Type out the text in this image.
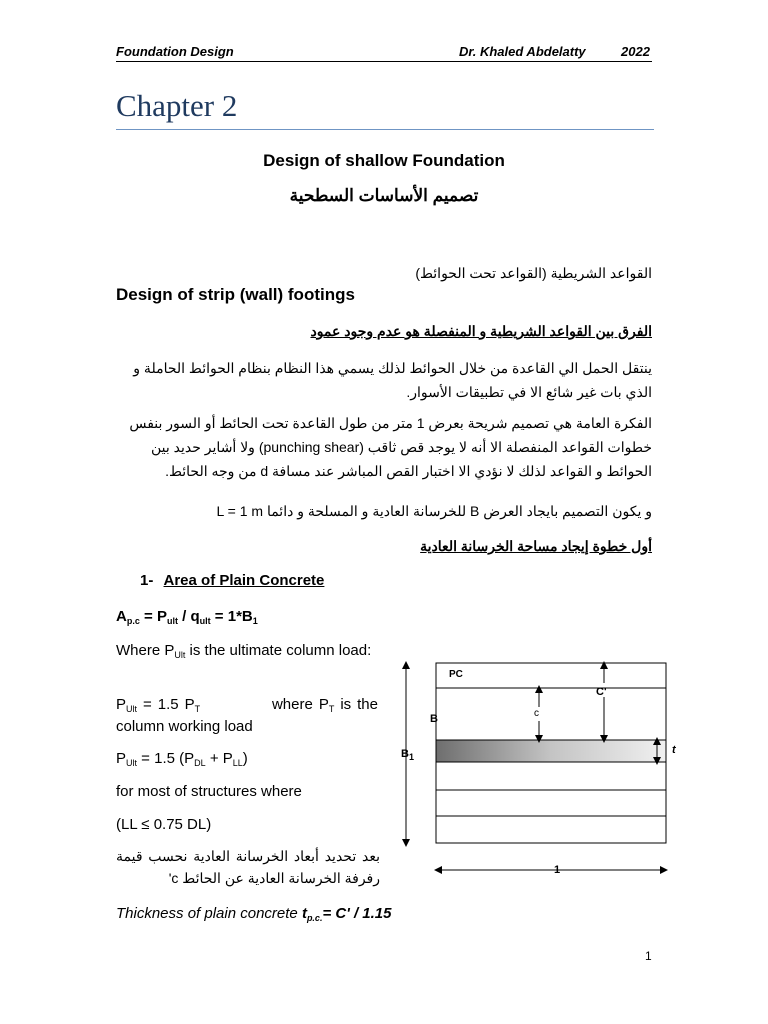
Foundation Design	Dr. Khaled Abdelatty	2022
Chapter 2
Design of shallow Foundation
تصميم الأساسات السطحية
القواعد الشريطية (القواعد تحت الحوائط)
Design of strip (wall) footings
الفرق بين القواعد الشريطية و المنفصلة هو عدم وجود عمود
ينتقل الحمل الي القاعدة من خلال الحوائط لذلك يسمي هذا النظام بنظام الحوائط الحاملة و الذي بات غير شائع الا في تطبيقات الأسوار.
الفكرة العامة هي تصميم شريحة بعرض 1 متر من طول القاعدة تحت الحائط أو السور بنفس خطوات القواعد المنفصلة الا أنه لا يوجد قص ثاقب (punching shear) ولا أشاير حديد بين الحوائط و القواعد لذلك لا نؤدي الا اختبار القص المباشر عند مسافة d من وجه الحائط.
و يكون التصميم بايجاد العرض B للخرسانة العادية و المسلحة و دائما L = 1 m
أول خطوة إيجاد مساحة الخرسانة العادية
1- Area of Plain Concrete
$A_{p.c} = P_{ult} / q_{ult} = 1*B_1$
Where $P_{Ult}$ is the ultimate column load:
$P_{Ult} = 1.5$ $P_T$            where $P_T$ is the column working load
$P_{Ult} = 1.5$ $(P_{DL} + P_{LL})$
for most of structures where
(LL ≤ 0.75 DL)
بعد تحديد أبعاد الخرسانة العادية نحسب قيمة رفرفة الخرسانة العادية عن الحائط c'
Thickness of plain concrete $t_{p.c.}= C' / 1.15$
PC
C'
c
B
$B_1$
t
1
1
